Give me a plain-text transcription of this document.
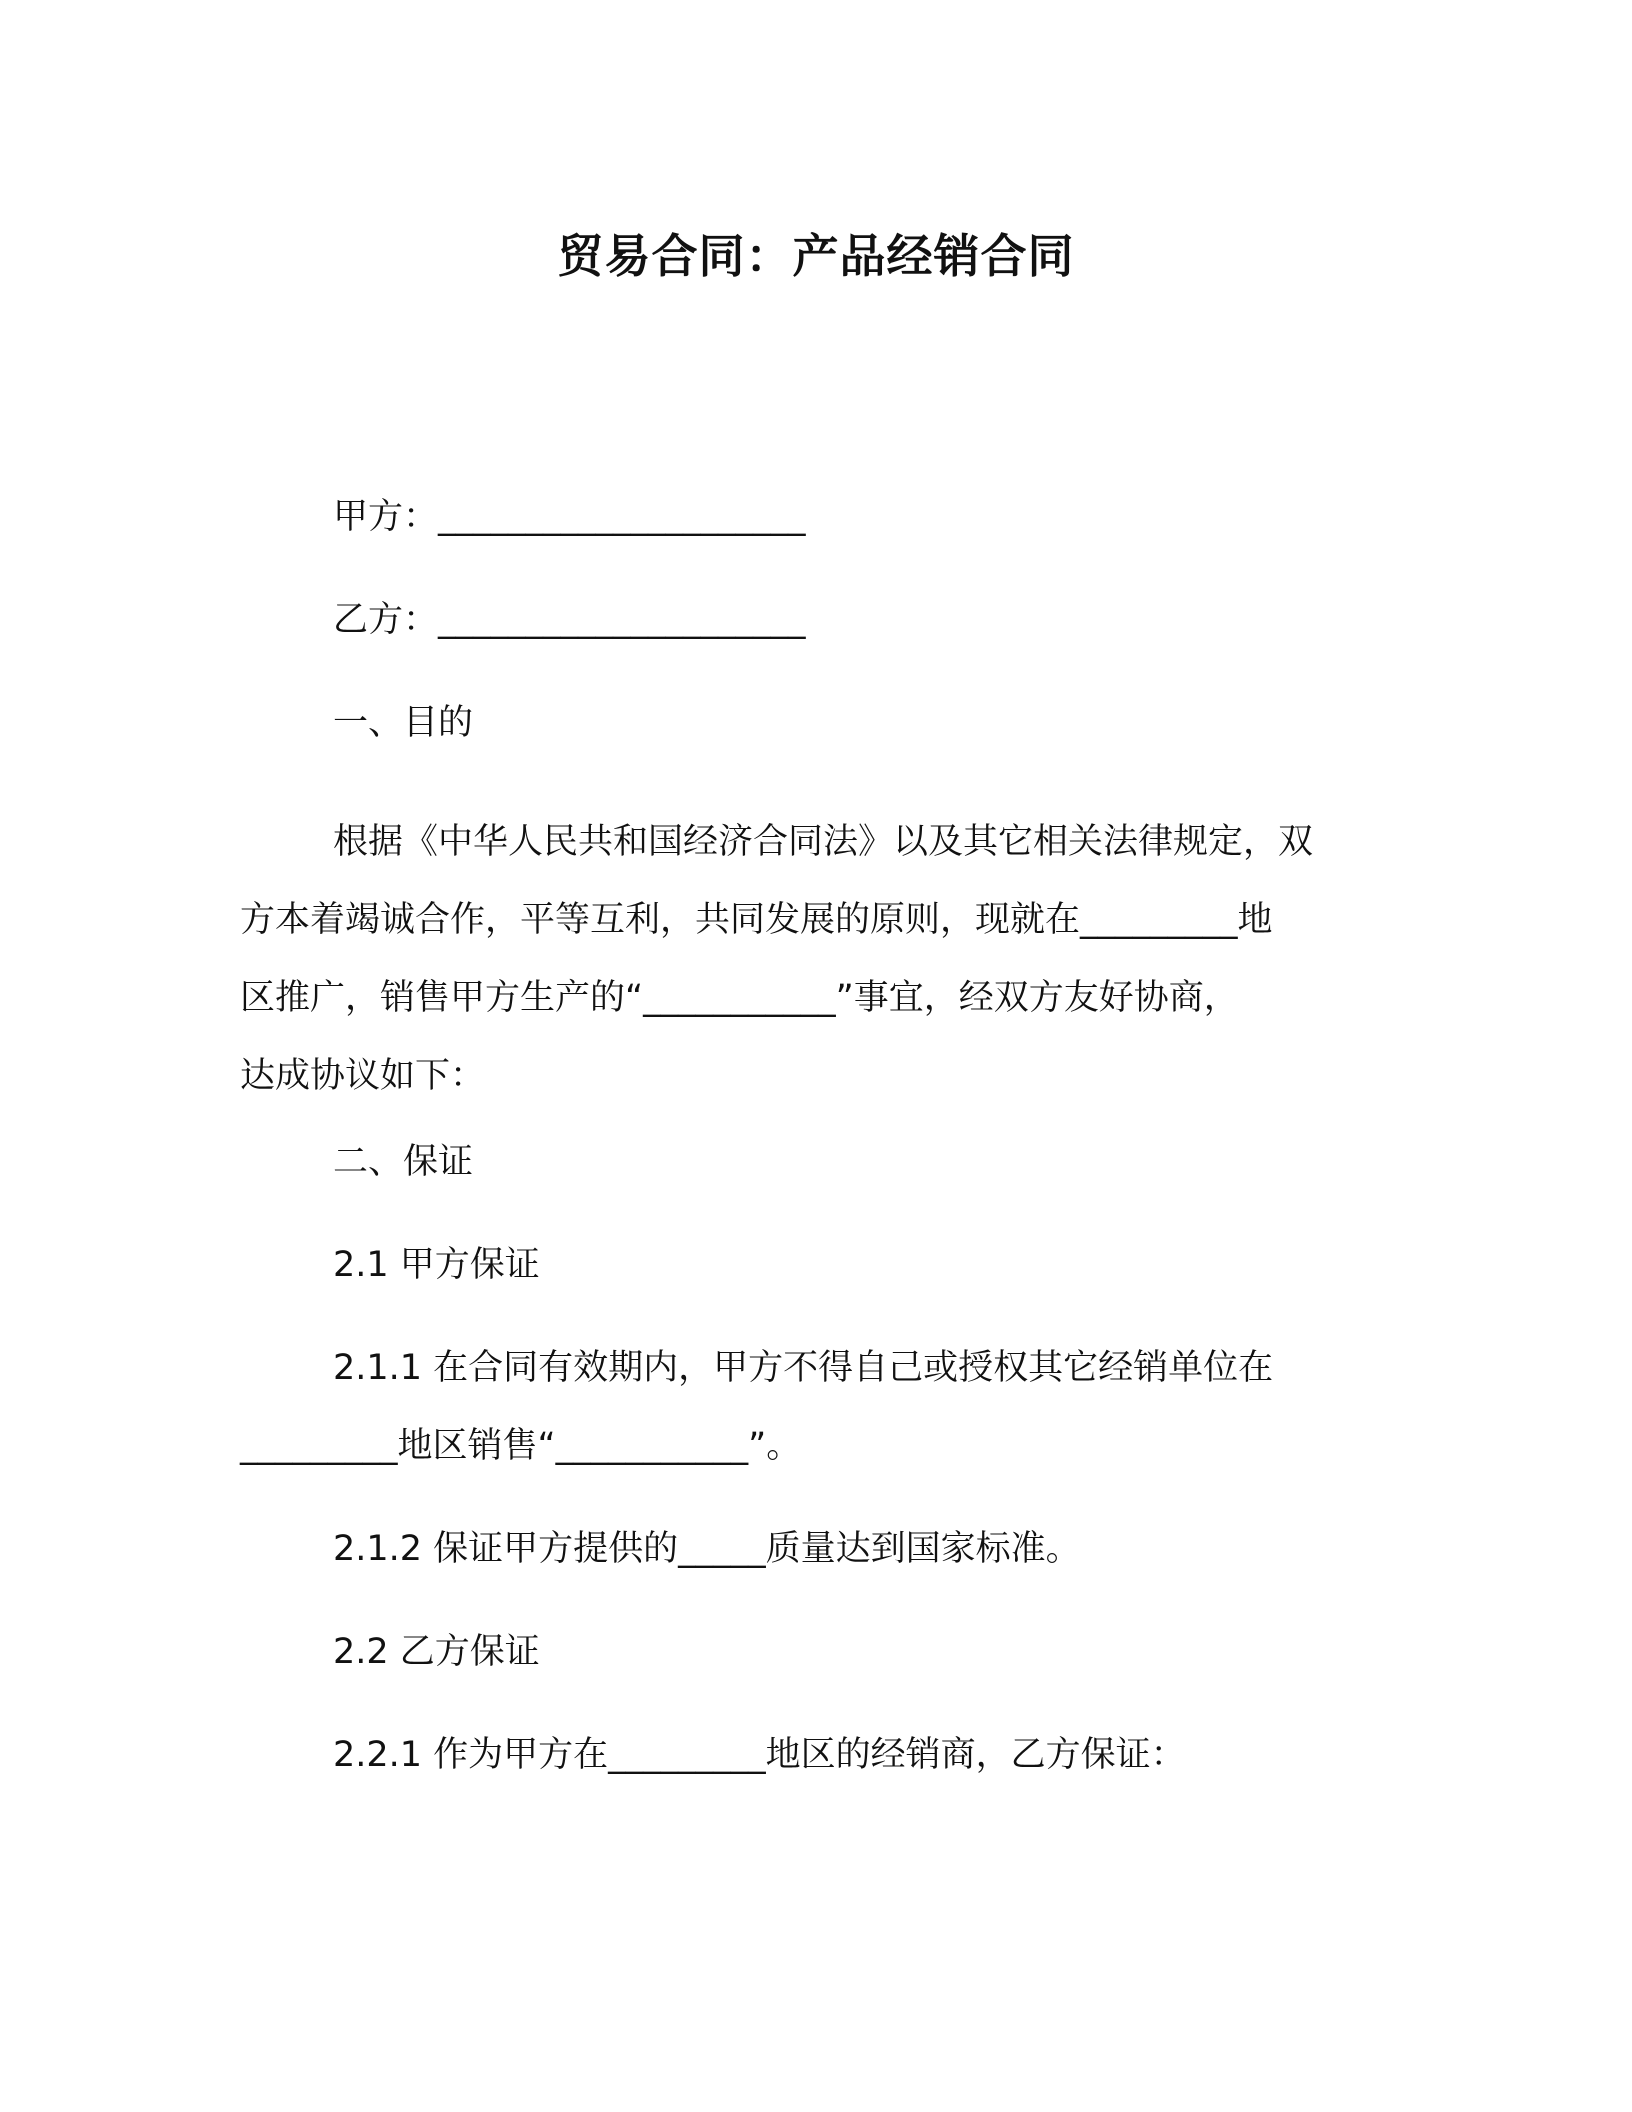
贸易合同：产品经销合同
甲方：_____________________
乙方：_____________________
一、目的
根据《中华人民共和国经济合同法》以及其它相关法律规定，双
方本着竭诚合作，平等互利，共同发展的原则，现就在_________地
区推广，销售甲方生产的“___________”事宜，经双方友好协商，
达成协议如下：
二、保证
2.1 甲方保证
2.1.1 在合同有效期内，甲方不得自己或授权其它经销单位在
_________地区销售“___________”。
2.1.2 保证甲方提供的_____质量达到国家标准。
2.2 乙方保证
2.2.1 作为甲方在_________地区的经销商，乙方保证：
